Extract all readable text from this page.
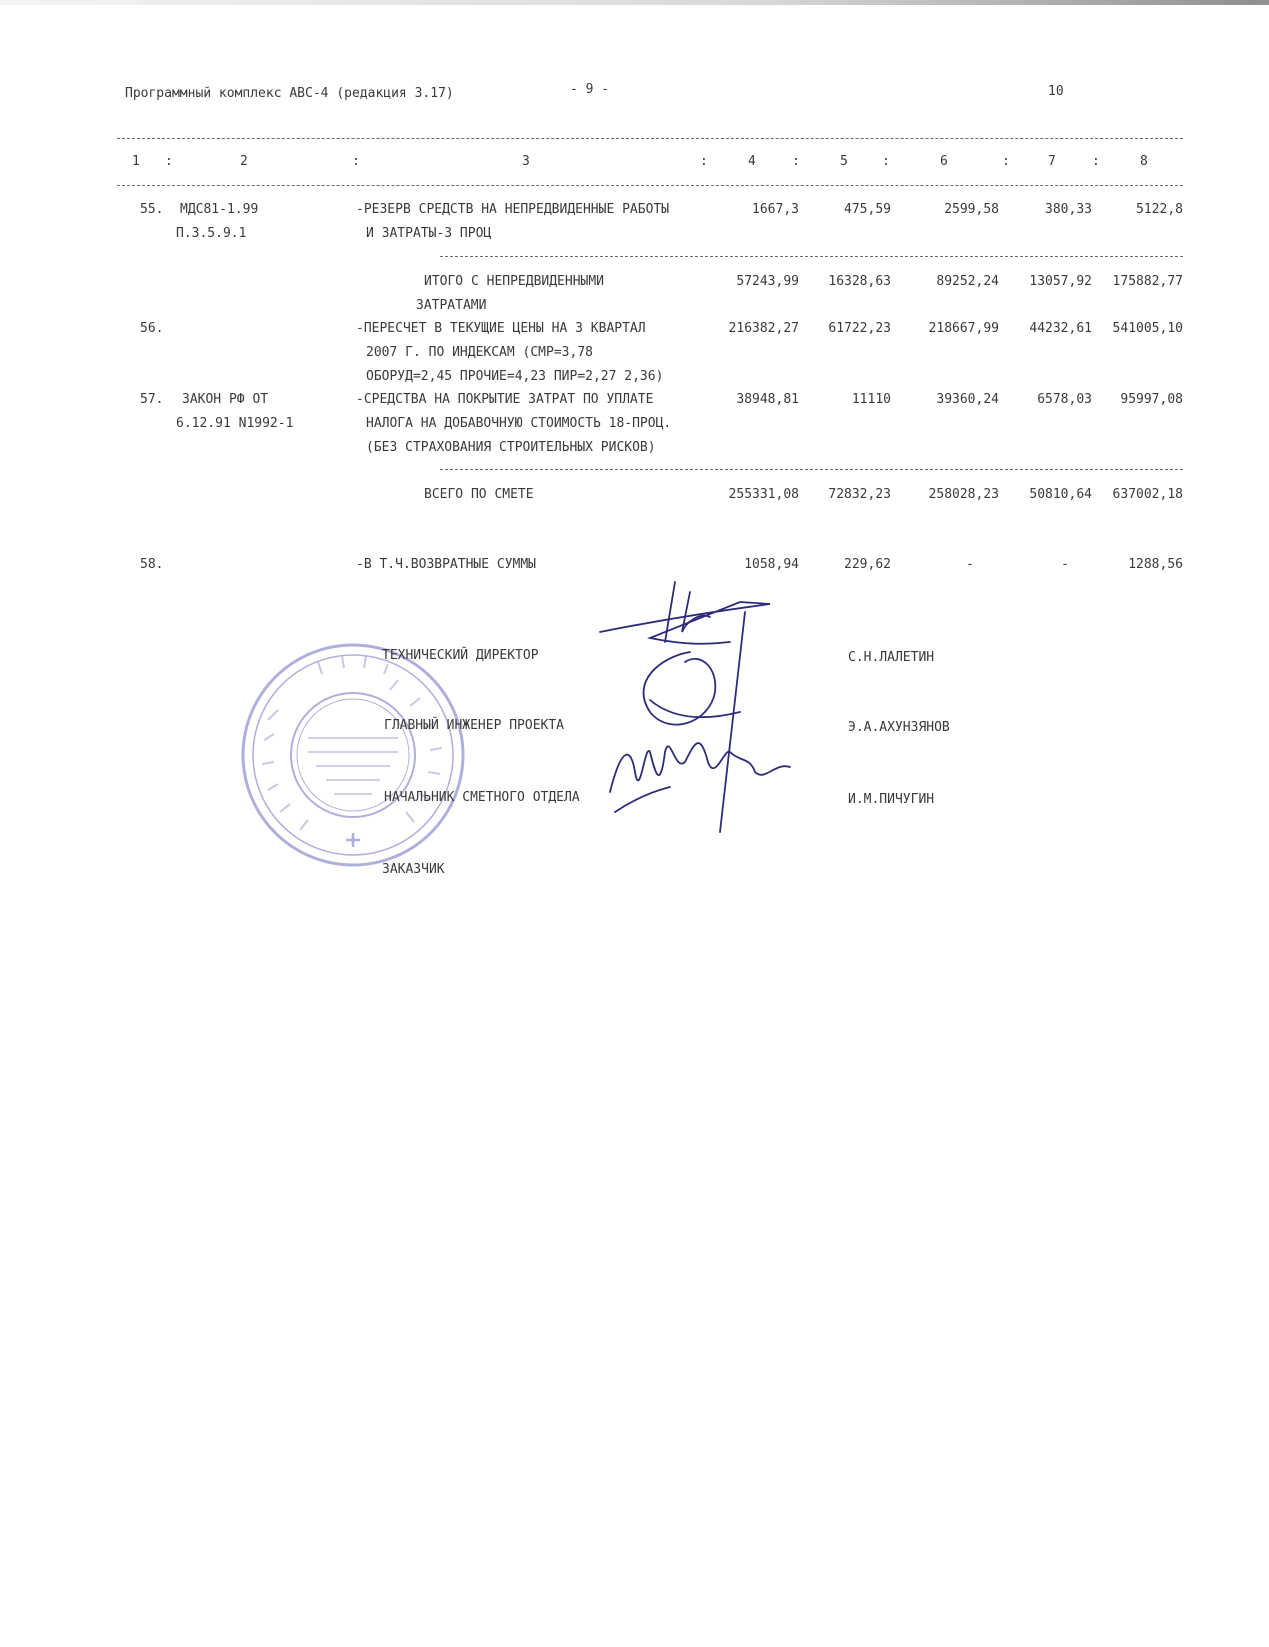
Программный комплекс АВС-4 (редакция 3.17)	- 9 -	10
1 :	2	:	3	:	4	:	5	:	6	:	7	:	8
55. МДС81-1.99
П.3.5.9.1
-РЕЗЕРВ СРЕДСТВ НА НЕПРЕДВИДЕННЫЕ РАБОТЫ
И ЗАТРАТЫ-3 ПРОЦ
1667,3	475,59	2599,58	380,33	5122,8
ИТОГО С НЕПРЕДВИДЕННЫМИ
ЗАТРАТАМИ
57243,99 16328,63	89252,24 13057,92 175882,77
56.	-ПЕРЕСЧЕТ В ТЕКУЩИЕ ЦЕНЫ НА 3 КВАРТАЛ
2007 Г. ПО ИНДЕКСАМ (СМР=3,78
ОБОРУД=2,45 ПРОЧИЕ=4,23 ПИР=2,27 2,36)
216382,27 61722,23	218667,99 44232,61 541005,10
57. ЗАКОН РФ ОТ
6.12.91 N1992-1
-СРЕДСТВА НА ПОКРЫТИЕ ЗАТРАТ ПО УПЛАТЕ
НАЛОГА НА ДОБАВОЧНУЮ СТОИМОСТЬ 18-ПРОЦ.
(БЕЗ СТРАХОВАНИЯ СТРОИТЕЛЬНЫХ РИСКОВ)
38948,81	11110	39360,24	6578,03 95997,08
ВСЕГО ПО СМЕТЕ	255331,08 72832,23	258028,23 50810,64 637002,18
58.	-В Т.Ч.ВОЗВРАТНЫЕ СУММЫ	1058,94	229,62	-	-	1288,56
ТЕХНИЧЕСКИЙ ДИРЕКТОР	С.Н.ЛАЛЕТИН
ГЛАВНЫЙ ИНЖЕНЕР ПРОЕКТА	Э.А.АХУНЗЯНОВ
НАЧАЛЬНИК СМЕТНОГО ОТДЕЛА	И.М.ПИЧУГИН
ЗАКАЗЧИК
